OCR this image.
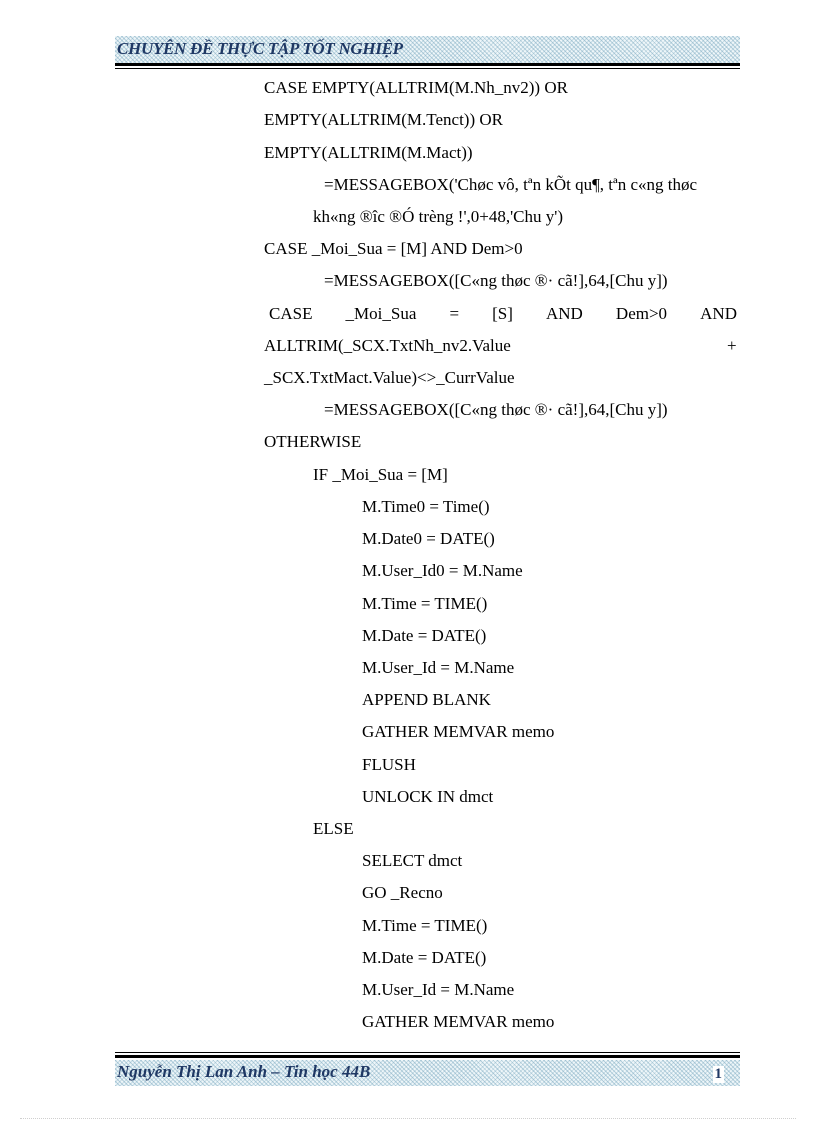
CHUYÊN ĐỀ THỰC TẬP TỐT NGHIỆP
CASE EMPTY(ALLTRIM(M.Nh_nv2)) OR
EMPTY(ALLTRIM(M.Tenct)) OR
EMPTY(ALLTRIM(M.Mact))
=MESSAGEBOX('Chøc vô, tªn kÕt qu¶, tªn c«ng thøc
kh«ng ®îc ®Ó trèng !',0+48,'Chu y')
CASE _Moi_Sua = [M] AND Dem>0
=MESSAGEBOX([C«ng thøc ®· cã!],64,[Chu y])
CASE _Moi_Sua = [S] AND Dem>0 AND
ALLTRIM(_SCX.TxtNh_nv2.Value	+
_SCX.TxtMact.Value)<>_CurrValue
=MESSAGEBOX([C«ng thøc ®· cã!],64,[Chu y])
OTHERWISE
IF _Moi_Sua = [M]
M.Time0 = Time()
M.Date0 = DATE()
M.User_Id0 = M.Name
M.Time = TIME()
M.Date = DATE()
M.User_Id = M.Name
APPEND BLANK
GATHER MEMVAR memo
FLUSH
UNLOCK IN dmct
ELSE
SELECT dmct
GO _Recno
M.Time = TIME()
M.Date = DATE()
M.User_Id = M.Name
GATHER MEMVAR memo
Nguyễn Thị Lan Anh – Tin học 44B	1
